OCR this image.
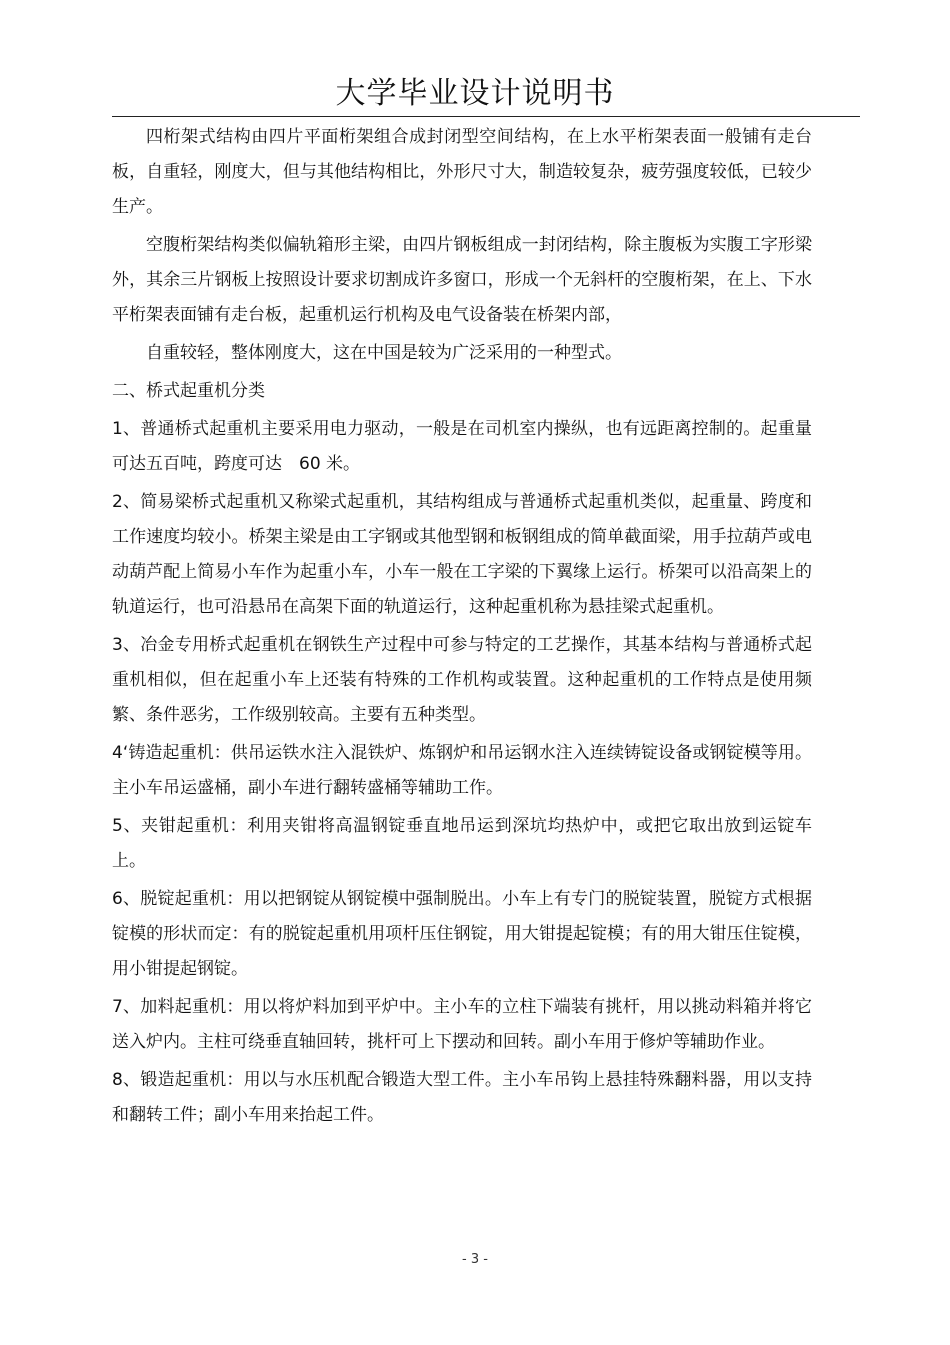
大学毕业设计说明书

四桁架式结构由四片平面桁架组合成封闭型空间结构，在上水平桁架表面一般铺有走台板，自重轻，刚度大，但与其他结构相比，外形尺寸大，制造较复杂，疲劳强度较低，已较少生产。

空腹桁架结构类似偏轨箱形主梁，由四片钢板组成一封闭结构，除主腹板为实腹工字形梁外，其余三片钢板上按照设计要求切割成许多窗口，形成一个无斜杆的空腹桁架，在上、下水平桁架表面铺有走台板，起重机运行机构及电气设备装在桥架内部，

自重较轻，整体刚度大，这在中国是较为广泛采用的一种型式。

二、桥式起重机分类

1、普通桥式起重机主要采用电力驱动，一般是在司机室内操纵，也有远距离控制的。起重量可达五百吨，跨度可达　60 米。

2、简易梁桥式起重机又称梁式起重机，其结构组成与普通桥式起重机类似，起重量、跨度和工作速度均较小。桥架主梁是由工字钢或其他型钢和板钢组成的简单截面梁，用手拉葫芦或电动葫芦配上简易小车作为起重小车，小车一般在工字梁的下翼缘上运行。桥架可以沿高架上的轨道运行，也可沿悬吊在高架下面的轨道运行，这种起重机称为悬挂梁式起重机。

3、冶金专用桥式起重机在钢铁生产过程中可参与特定的工艺操作，其基本结构与普通桥式起重机相似，但在起重小车上还装有特殊的工作机构或装置。这种起重机的工作特点是使用频繁、条件恶劣，工作级别较高。主要有五种类型。

4‘铸造起重机：供吊运铁水注入混铁炉、炼钢炉和吊运钢水注入连续铸锭设备或钢锭模等用。主小车吊运盛桶，副小车进行翻转盛桶等辅助工作。

5、夹钳起重机：利用夹钳将高温钢锭垂直地吊运到深坑均热炉中，或把它取出放到运锭车上。

6、脱锭起重机：用以把钢锭从钢锭模中强制脱出。小车上有专门的脱锭装置，脱锭方式根据锭模的形状而定：有的脱锭起重机用项杆压住钢锭，用大钳提起锭模；有的用大钳压住锭模，用小钳提起钢锭。

7、加料起重机：用以将炉料加到平炉中。主小车的立柱下端装有挑杆，用以挑动料箱并将它送入炉内。主柱可绕垂直轴回转，挑杆可上下摆动和回转。副小车用于修炉等辅助作业。

8、锻造起重机：用以与水压机配合锻造大型工件。主小车吊钩上悬挂特殊翻料器，用以支持和翻转工件；副小车用来抬起工件。

- 3 -
